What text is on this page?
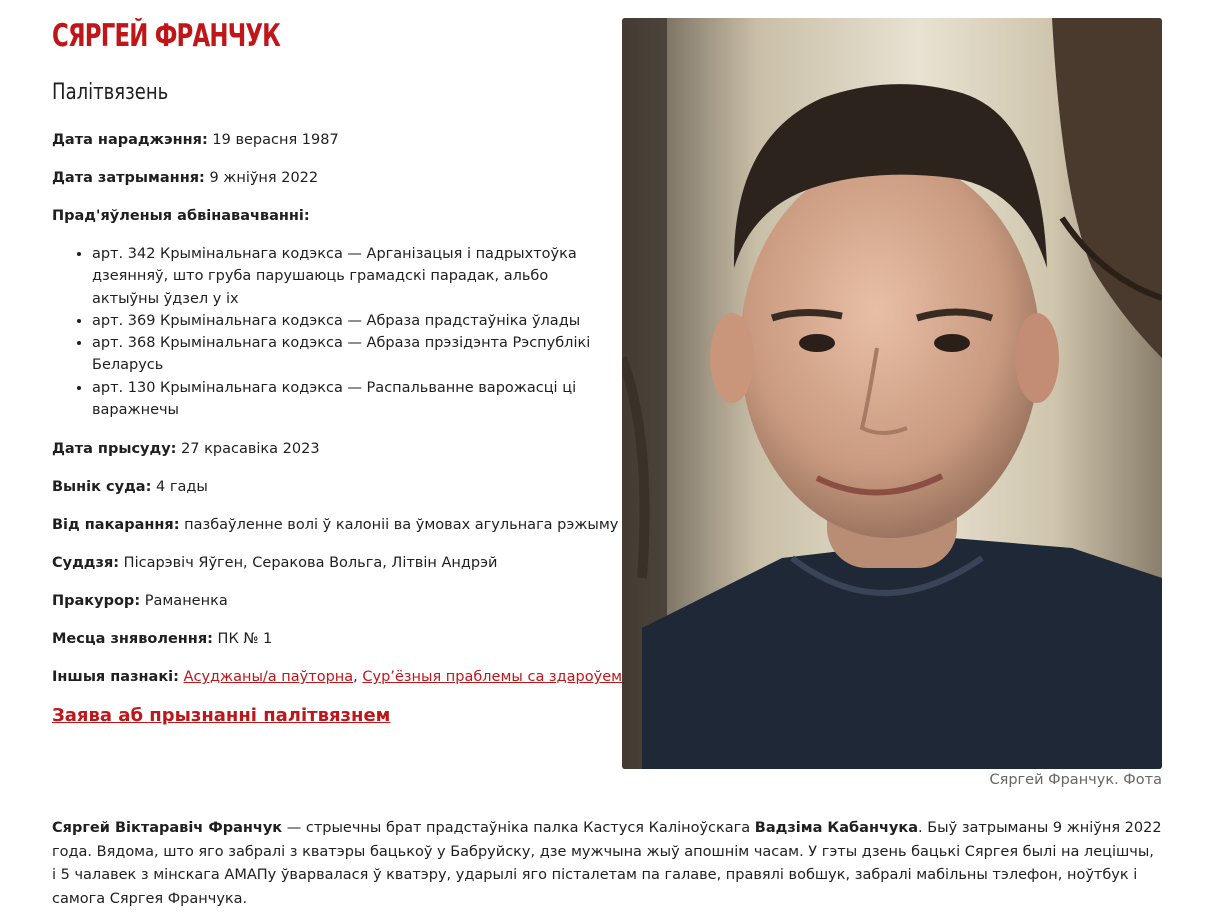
СЯРГЕЙ ФРАНЧУК
Палітвязень

Дата нараджэння: 19 верасня 1987

Дата затрымання: 9 жніўня 2022

Прад'яўленыя абвінавачванні:

• арт. 342 Крымінальнага кодэкса — Арганізацыя і падрыхтоўка дзеянняў, што груба парушаюць грамадскі парадак, альбо актыўны ўдзел у іх
• арт. 369 Крымінальнага кодэкса — Абраза прадстаўніка ўлады
• арт. 368 Крымінальнага кодэкса — Абраза прэзідэнта Рэспублікі Беларусь
• арт. 130 Крымінальнага кодэкса — Распальванне варожасці ці варажнечы

Дата прысуду: 27 красавіка 2023

Вынік суда: 4 гады

Від пакарання: пазбаўленне волі ў калоніі ва ўмовах агульнага рэжыму

Суддзя: Пісарэвіч Яўген, Серакова Вольга, Літвін Андрэй

Пракурор: Раманенка

Месца зняволення: ПК № 1

Іншыя пазнакі: Асуджаны/а паўторна, Сур’ёзныя праблемы са здароўем

Заява аб прызнанні палітвязнем
Сяргей Франчук. Фота

Сяргей Віктаравіч Франчук — стрыечны брат прадстаўніка палка Кастуся Каліноўскага Вадзіма Кабанчука. Быў затрыманы 9 жніўня 2022 года. Вядома, што яго забралі з кватэры бацькоў у Бабруйску, дзе мужчына жыў апошнім часам. У гэты дзень бацькі Сяргея былі на лецішчы, і 5 чалавек з мінскага АМАПу ўварвалася ў кватэру, ударылі яго пісталетам па галаве, правялі вобшук, забралі мабільны тэлефон, ноўтбук і самога Сяргея Франчука.
